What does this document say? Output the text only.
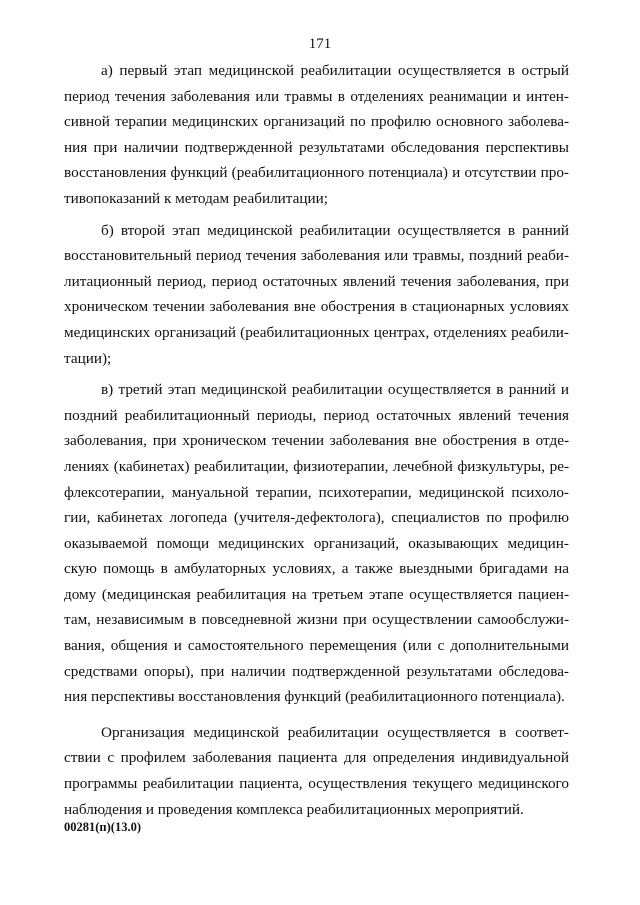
171

а) первый этап медицинской реабилитации осуществляется в острый
период течения заболевания или травмы в отделениях реанимации и интен-
сивной терапии медицинских организаций по профилю основного заболева-
ния при наличии подтвержденной результатами обследования перспективы
восстановления функций (реабилитационного потенциала) и отсутствии про-
тивопоказаний к методам реабилитации;

б) второй этап медицинской реабилитации осуществляется в ранний
восстановительный период течения заболевания или травмы, поздний реаби-
литационный период, период остаточных явлений течения заболевания, при
хроническом течении заболевания вне обострения в стационарных условиях
медицинских организаций (реабилитационных центрах, отделениях реабили-
тации);

в) третий этап медицинской реабилитации осуществляется в ранний и
поздний реабилитационный периоды, период остаточных явлений течения
заболевания, при хроническом течении заболевания вне обострения в отде-
лениях (кабинетах) реабилитации, физиотерапии, лечебной физкультуры, ре-
флексотерапии, мануальной терапии, психотерапии, медицинской психоло-
гии, кабинетах логопеда (учителя-дефектолога), специалистов по профилю
оказываемой помощи медицинских организаций, оказывающих медицин-
скую помощь в амбулаторных условиях, а также выездными бригадами на
дому (медицинская реабилитация на третьем этапе осуществляется пациен-
там, независимым в повседневной жизни при осуществлении самообслужи-
вания, общения и самостоятельного перемещения (или с дополнительными
средствами опоры), при наличии подтвержденной результатами обследова-
ния перспективы восстановления функций (реабилитационного потенциала).

Организация медицинской реабилитации осуществляется в соответ-
ствии с профилем заболевания пациента для определения индивидуальной
программы реабилитации пациента, осуществления текущего медицинского
наблюдения и проведения комплекса реабилитационных мероприятий.

00281(п)(13.0)
